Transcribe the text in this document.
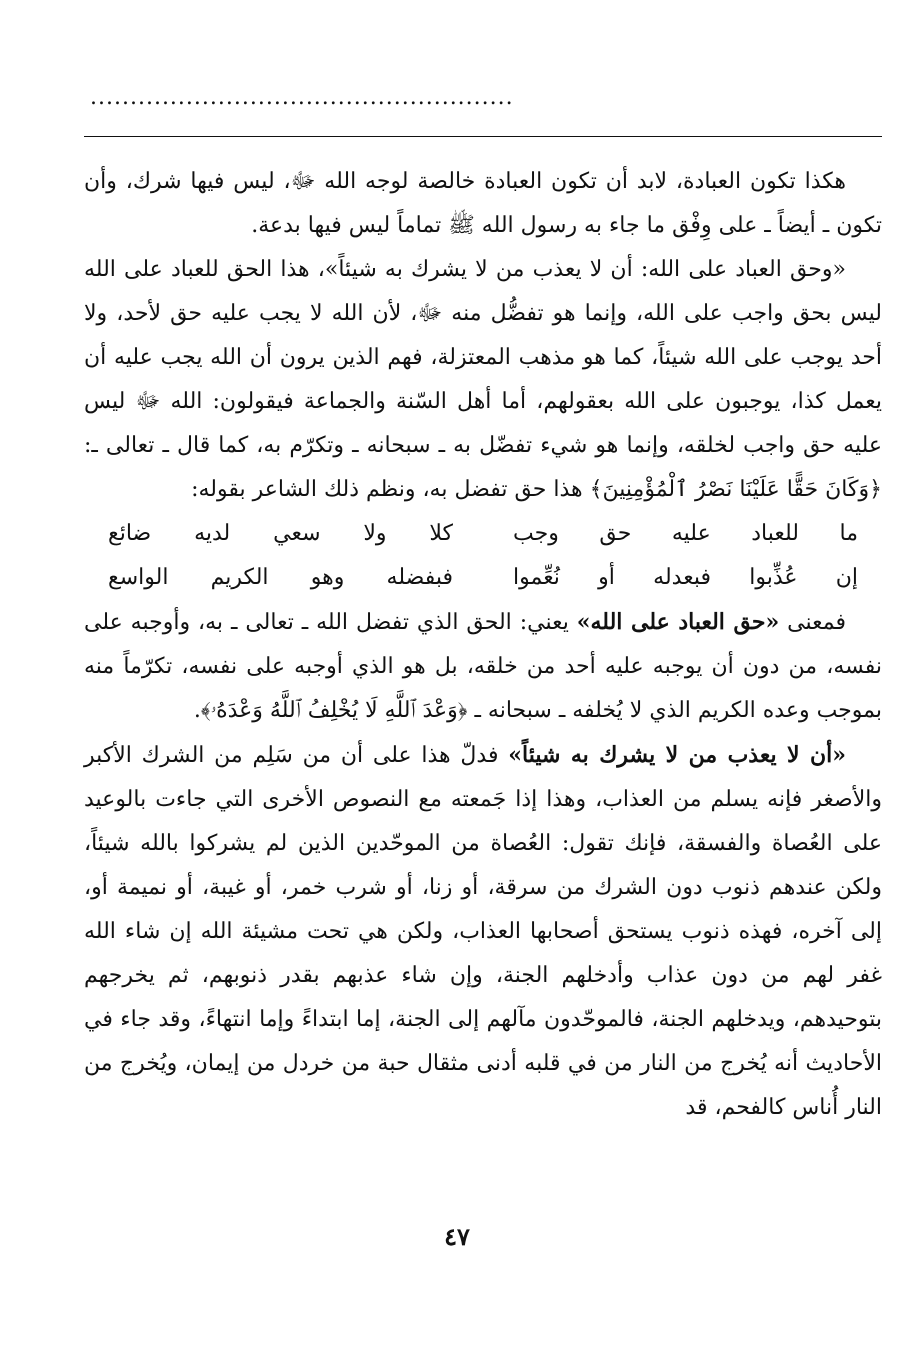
.....................................................

هكذا تكون العبادة، لابد أن تكون العبادة خالصة لوجه الله ﷻ، ليس فيها شرك، وأن تكون ـ أيضاً ـ على وِفْق ما جاء به رسول الله ﷺ تماماً ليس فيها بدعة.

«وحق العباد على الله: أن لا يعذب من لا يشرك به شيئاً»، هذا الحق للعباد على الله ليس بحق واجب على الله، وإنما هو تفضُّل منه ﷻ، لأن الله لا يجب عليه حق لأحد، ولا أحد يوجب على الله شيئاً، كما هو مذهب المعتزلة، فهم الذين يرون أن الله يجب عليه أن يعمل كذا، يوجبون على الله بعقولهم، أما أهل السّنة والجماعة فيقولون: الله ﷻ ليس عليه حق واجب لخلقه، وإنما هو شيء تفضّل به ـ سبحانه ـ وتكرّم به، كما قال ـ تعالى ـ: ﴿وَكَانَ حَقًّا عَلَيْنَا نَصْرُ ٱلْمُؤْمِنِينَ﴾ هذا حق تفضل به، ونظم ذلك الشاعر بقوله:

ما للعباد عليه حق وجب
كلا ولا سعي لديه ضائع
إن عُذِّبوا فبعدله أو نُعِّموا
فبفضله وهو الكريم الواسع

فمعنى «حق العباد على الله» يعني: الحق الذي تفضل الله ـ تعالى ـ به، وأوجبه على نفسه، من دون أن يوجبه عليه أحد من خلقه، بل هو الذي أوجبه على نفسه، تكرّماً منه بموجب وعده الكريم الذي لا يُخلفه ـ سبحانه ـ ﴿وَعْدَ ٱللَّهِ لَا يُخْلِفُ ٱللَّهُ وَعْدَهُۥ﴾.

«أن لا يعذب من لا يشرك به شيئاً» فدلّ هذا على أن من سَلِم من الشرك الأكبر والأصغر فإنه يسلم من العذاب، وهذا إذا جَمعته مع النصوص الأخرى التي جاءت بالوعيد على العُصاة والفسقة، فإنك تقول: العُصاة من الموحّدين الذين لم يشركوا بالله شيئاً، ولكن عندهم ذنوب دون الشرك من سرقة، أو زنا، أو شرب خمر، أو غيبة، أو نميمة أو، إلى آخره، فهذه ذنوب يستحق أصحابها العذاب، ولكن هي تحت مشيئة الله إن شاء الله غفر لهم من دون عذاب وأدخلهم الجنة، وإن شاء عذبهم بقدر ذنوبهم، ثم يخرجهم بتوحيدهم، ويدخلهم الجنة، فالموحّدون مآلهم إلى الجنة، إما ابتداءً وإما انتهاءً، وقد جاء في الأحاديث أنه يُخرج من النار من في قلبه أدنى مثقال حبة من خردل من إيمان، ويُخرج من النار أُناس كالفحم، قد

٤٧
